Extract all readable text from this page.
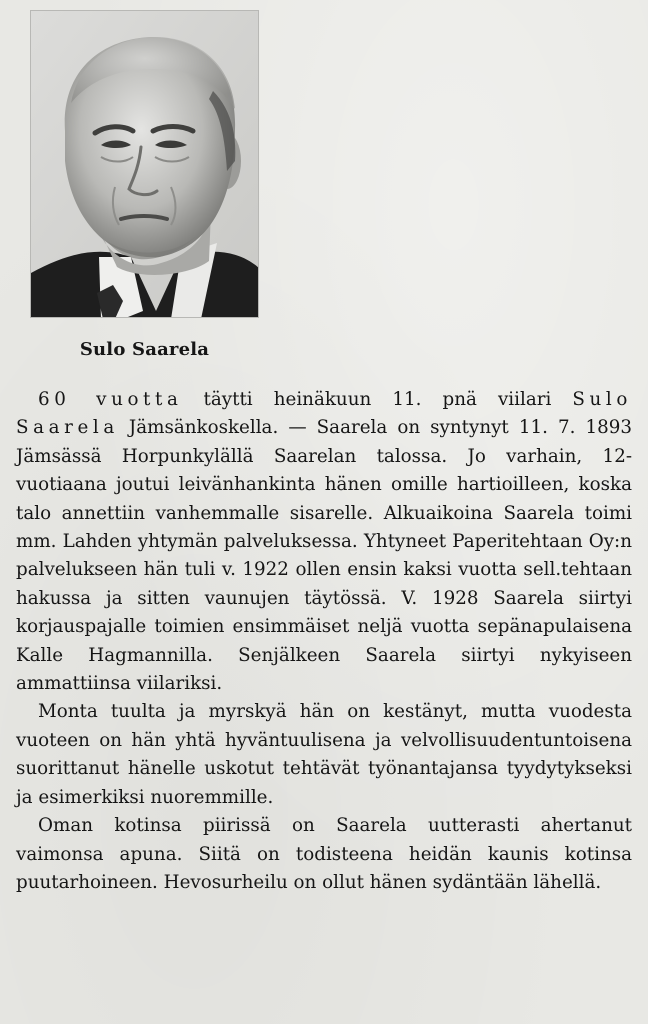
Sulo Saarela

60 vuotta täytti heinäkuun 11. pnä viilari Sulo Saarela Jämsänkoskella. — Saarela on syntynyt 11. 7. 1893 Jämsässä Horpunkylällä Saarelan talossa. Jo varhain, 12-vuotiaana joutui leivänhankinta hänen omille hartioilleen, koska talo annettiin vanhemmalle sisarelle. Alkuaikoina Saarela toimi mm. Lahden yhtymän palveluksessa. Yhtyneet Paperitehtaan Oy:n palvelukseen hän tuli v. 1922 ollen ensin kaksi vuotta sell.tehtaan hakussa ja sitten vaunujen täytössä. V. 1928 Saarela siirtyi korjauspajalle toimien ensimmäiset neljä vuotta sepänapulaisena Kalle Hagmannilla. Senjälkeen Saarela siirtyi nykyiseen ammattiinsa viilariksi.

Monta tuulta ja myrskyä hän on kestänyt, mutta vuodesta vuoteen on hän yhtä hyväntuulisena ja velvollisuudentuntoisena suorittanut hänelle uskotut tehtävät työnantajansa tyydytykseksi ja esimerkiksi nuoremmille.

Oman kotinsa piirissä on Saarela uutterasti ahertanut vaimonsa apuna. Siitä on todisteena heidän kaunis kotinsa puutarhoineen. Hevosurheilu on ollut hänen sydäntään lähellä.
